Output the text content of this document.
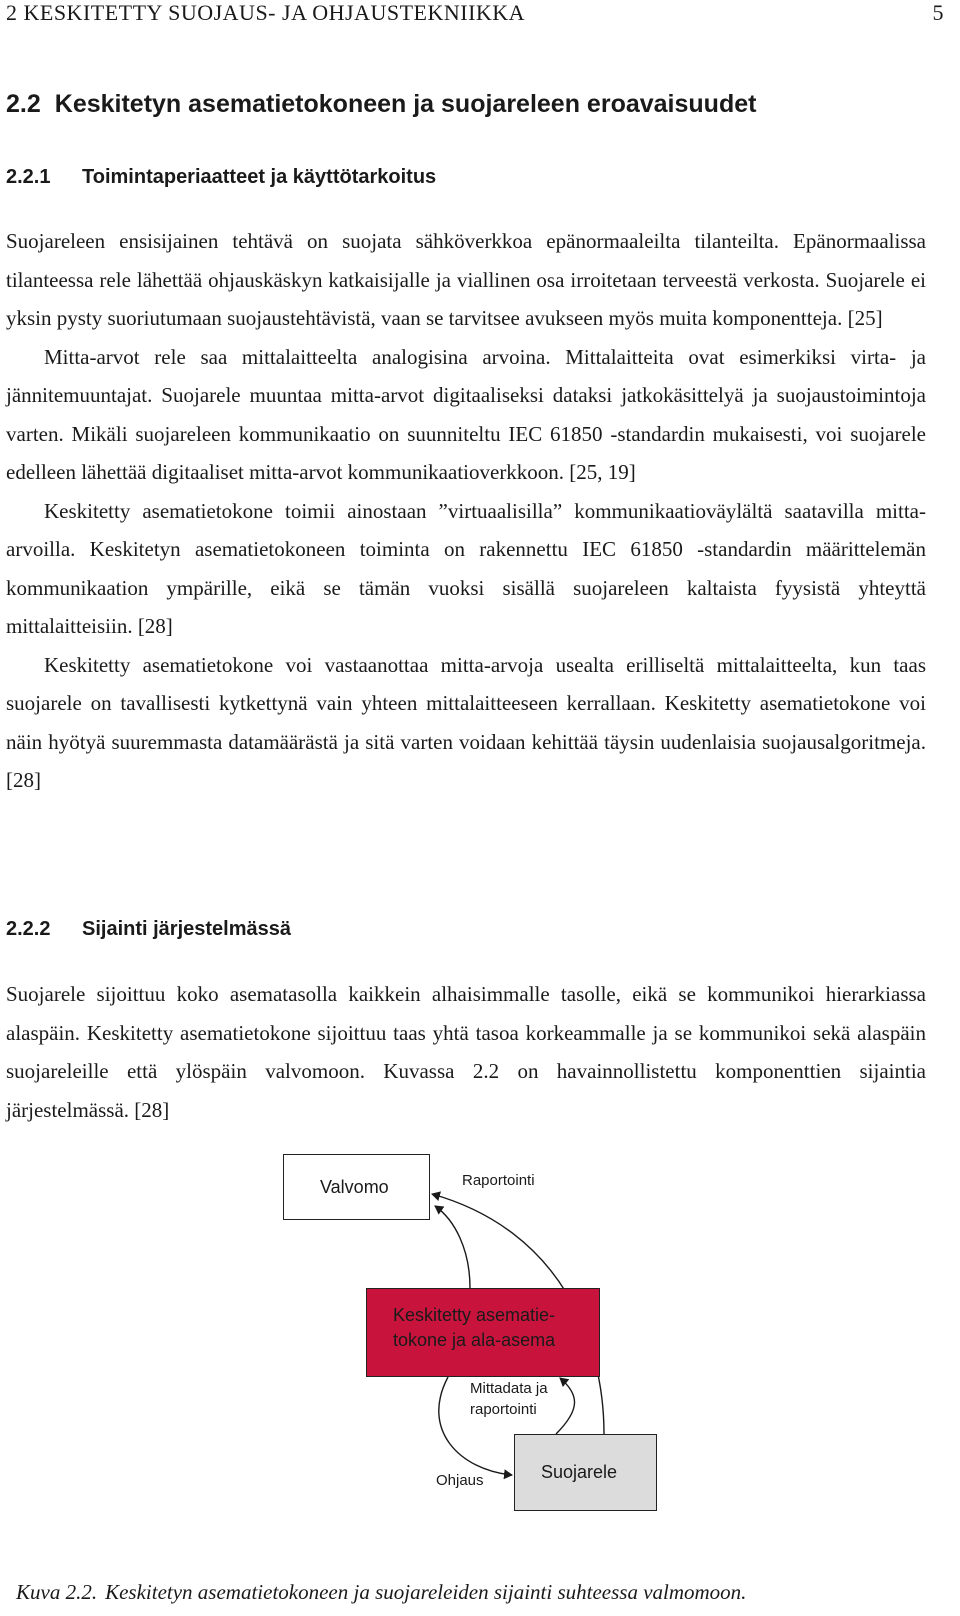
2 KESKITETTY SUOJAUS- JA OHJAUSTEKNIIKKA	5
2.2 Keskitetyn asematietokoneen ja suojareleen eroavaisuudet
2.2.1 Toimintaperiaatteet ja käyttötarkoitus

Suojareleen ensisijainen tehtävä on suojata sähköverkkoa epänormaaleilta tilanteilta. Epänormaalissa tilanteessa rele lähettää ohjauskäskyn katkaisijalle ja viallinen osa irroitetaan terveestä verkosta. Suojarele ei yksin pysty suoriutumaan suojaustehtävistä, vaan se tarvitsee avukseen myös muita komponentteja. [25]

Mitta-arvot rele saa mittalaitteelta analogisina arvoina. Mittalaitteita ovat esimerkiksi virta- ja jännitemuuntajat. Suojarele muuntaa mitta-arvot digitaaliseksi dataksi jatkokäsittelyä ja suojaustoimintoja varten. Mikäli suojareleen kommunikaatio on suunniteltu IEC 61850 -standardin mukaisesti, voi suojarele edelleen lähettää digitaaliset mitta-arvot kommunikaatioverkkoon. [25, 19]

Keskitetty asematietokone toimii ainostaan ”virtuaalisilla” kommunikaatioväylältä saatavilla mitta-arvoilla. Keskitetyn asematietokoneen toiminta on rakennettu IEC 61850 -standardin määrittelemän kommunikaation ympärille, eikä se tämän vuoksi sisällä suojareleen kaltaista fyysistä yhteyttä mittalaitteisiin. [28]

Keskitetty asematietokone voi vastaanottaa mitta-arvoja usealta erilliseltä mittalaitteelta, kun taas suojarele on tavallisesti kytkettynä vain yhteen mittalaitteeseen kerrallaan. Keskitetty asematietokone voi näin hyötyä suuremmasta datamäärästä ja sitä varten voidaan kehittää täysin uudenlaisia suojausalgoritmeja. [28]

2.2.2 Sijainti järjestelmässä

Suojarele sijoittuu koko asematasolla kaikkein alhaisimmalle tasolle, eikä se kommunikoi hierarkiassa alaspäin. Keskitetty asematietokone sijoittuu taas yhtä tasoa korkeammalle ja se kommunikoi sekä alaspäin suojareleille että ylöspäin valvomoon. Kuvassa 2.2 on havainnollistettu komponenttien sijaintia järjestelmässä. [28]

Valvomo
Keskitetty asematie-
tokone ja ala-asema
Suojarele
Raportointi
Mittadata ja
raportointi
Ohjaus
Kuva 2.2. Keskitetyn asematietokoneen ja suojareleiden sijainti suhteessa valmomoon.
